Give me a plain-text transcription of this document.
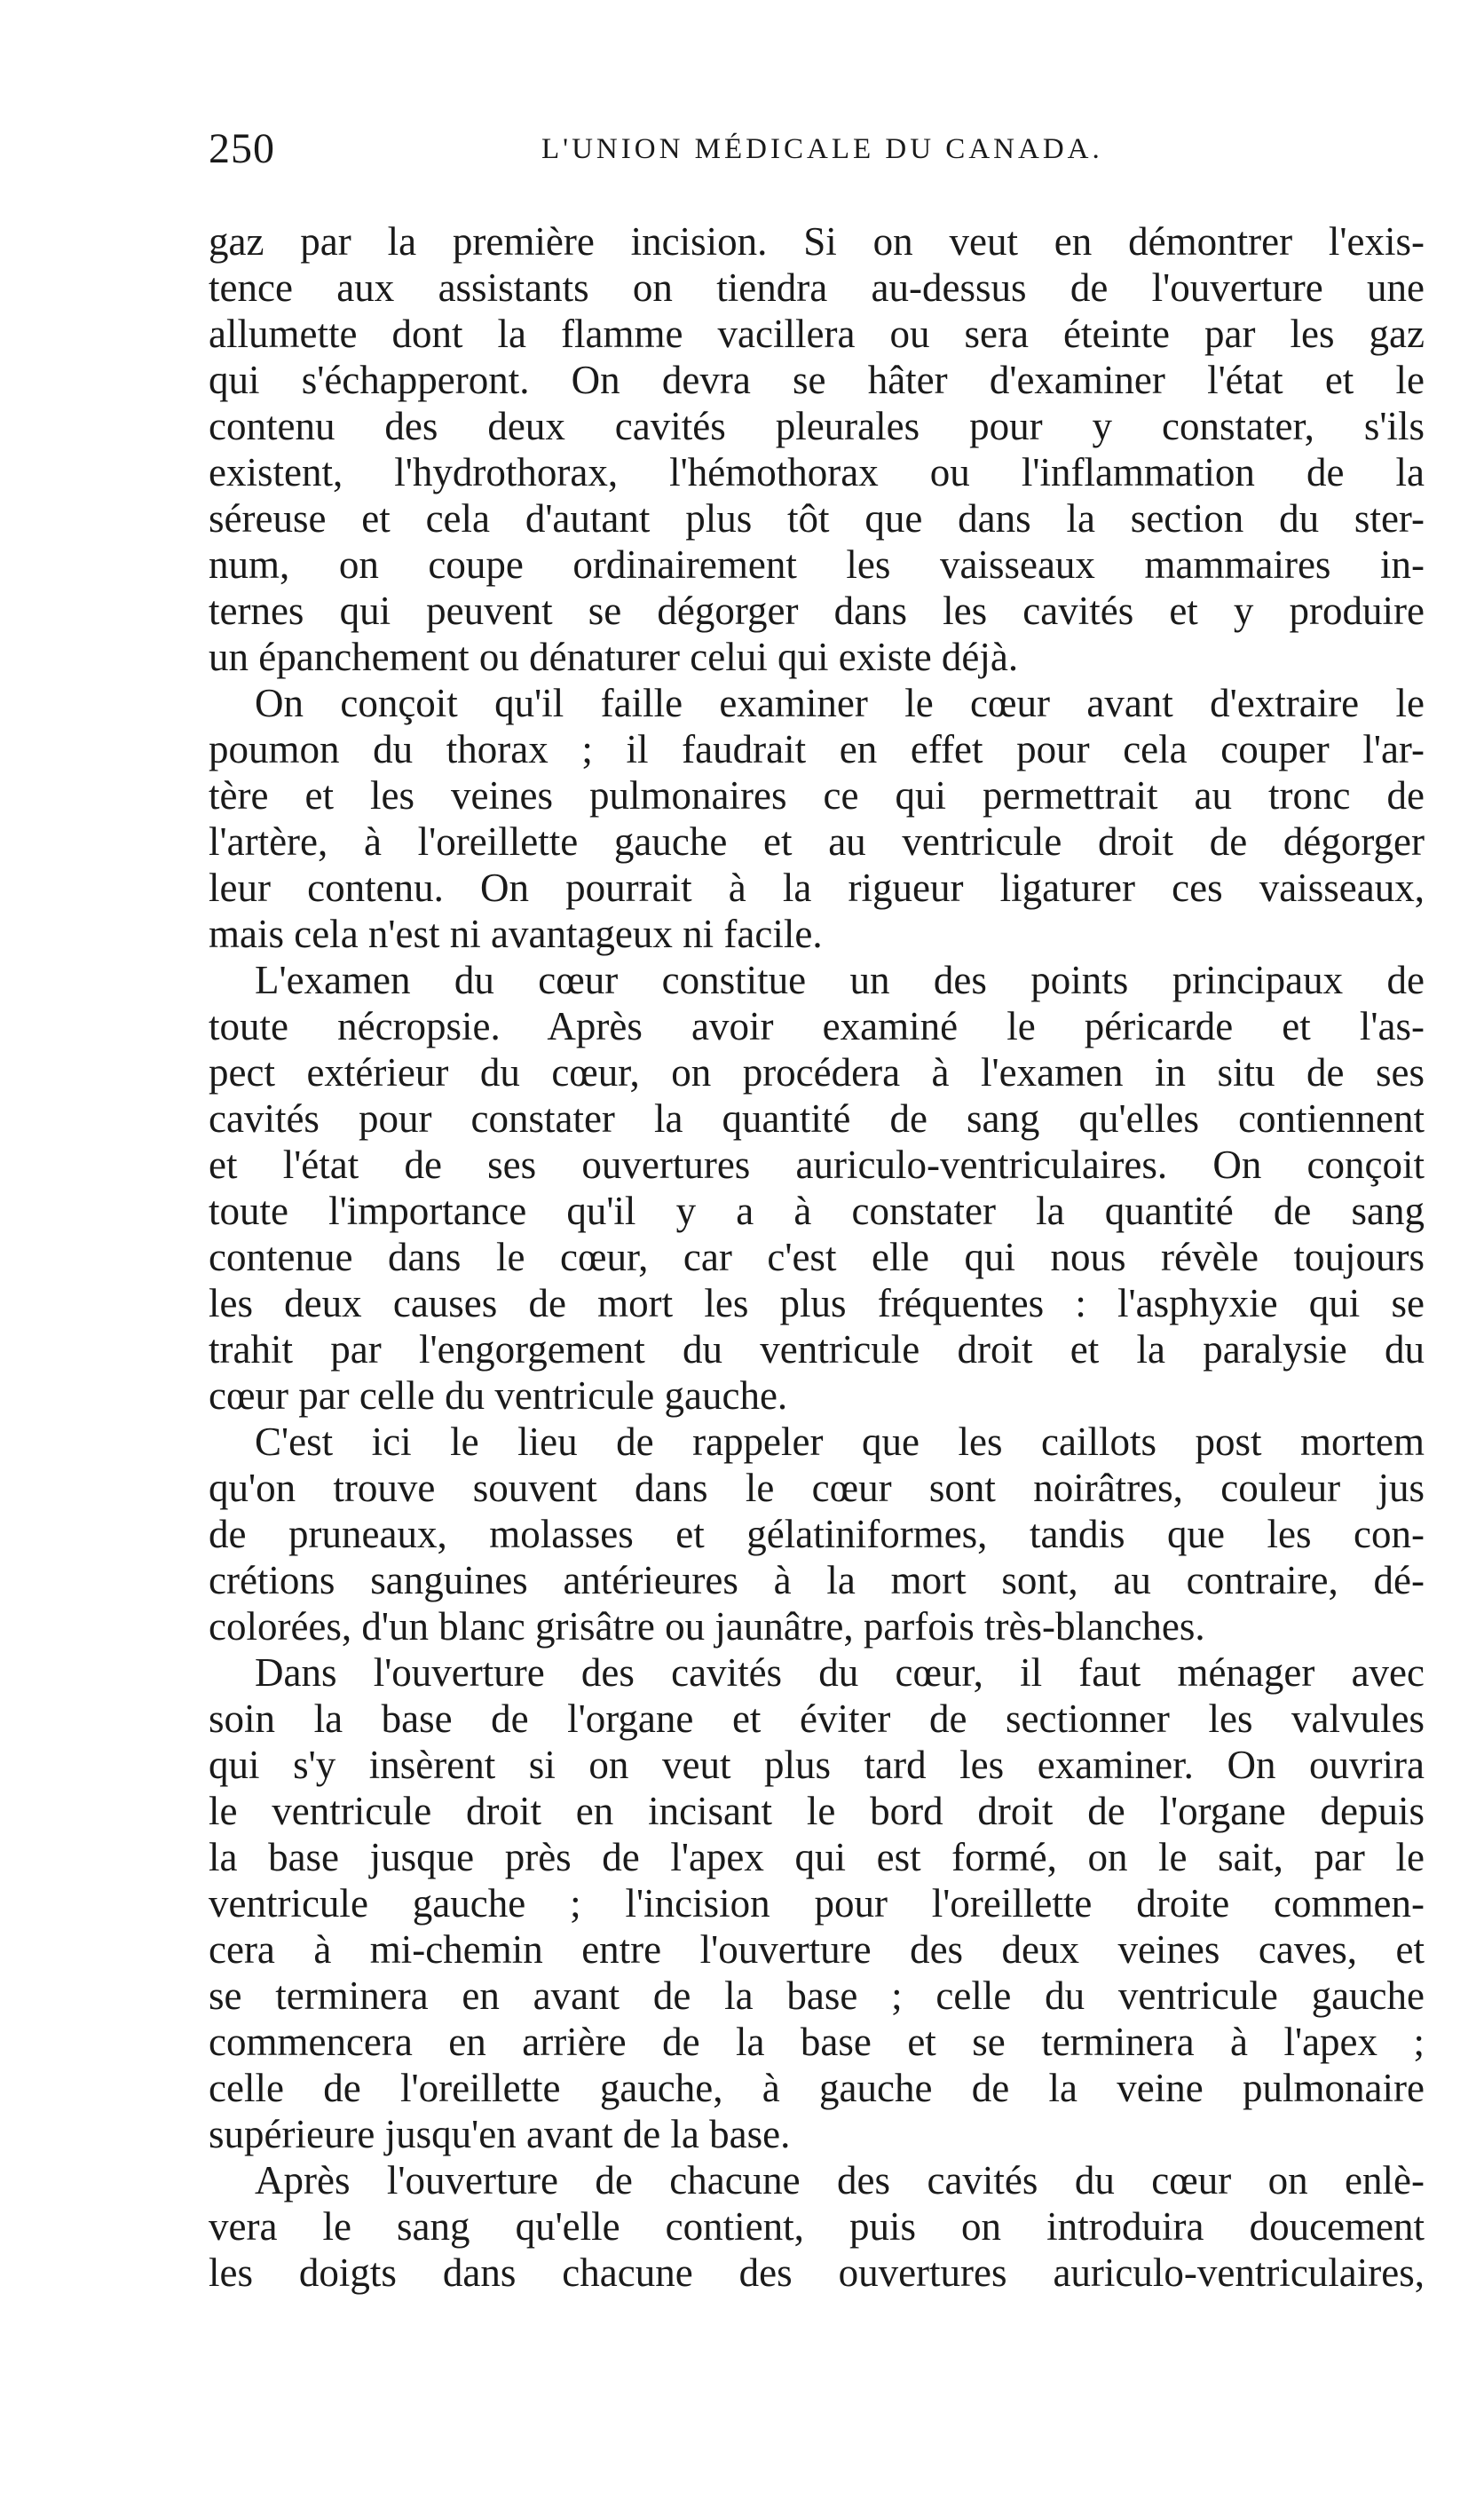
250	L'UNION MÉDICALE DU CANADA.
gaz par la première incision. Si on veut en démontrer l'exis-
tence aux assistants on tiendra au-dessus de l'ouverture une
allumette dont la flamme vacillera ou sera éteinte par les gaz
qui s'échapperont. On devra se hâter d'examiner l'état et le
contenu des deux cavités pleurales pour y constater, s'ils
existent, l'hydrothorax, l'hémothorax ou l'inflammation de la
séreuse et cela d'autant plus tôt que dans la section du ster-
num, on coupe ordinairement les vaisseaux mammaires in-
ternes qui peuvent se dégorger dans les cavités et y produire
un épanchement ou dénaturer celui qui existe déjà.
On conçoit qu'il faille examiner le cœur avant d'extraire le
poumon du thorax ; il faudrait en effet pour cela couper l'ar-
tère et les veines pulmonaires ce qui permettrait au tronc de
l'artère, à l'oreillette gauche et au ventricule droit de dégorger
leur contenu. On pourrait à la rigueur ligaturer ces vaisseaux,
mais cela n'est ni avantageux ni facile.
L'examen du cœur constitue un des points principaux de
toute nécropsie. Après avoir examiné le péricarde et l'as-
pect extérieur du cœur, on procédera à l'examen in situ de ses
cavités pour constater la quantité de sang qu'elles contiennent
et l'état de ses ouvertures auriculo-ventriculaires. On conçoit
toute l'importance qu'il y a à constater la quantité de sang
contenue dans le cœur, car c'est elle qui nous révèle toujours
les deux causes de mort les plus fréquentes : l'asphyxie qui se
trahit par l'engorgement du ventricule droit et la paralysie du
cœur par celle du ventricule gauche.
C'est ici le lieu de rappeler que les caillots post mortem
qu'on trouve souvent dans le cœur sont noirâtres, couleur jus
de pruneaux, molasses et gélatiniformes, tandis que les con-
crétions sanguines antérieures à la mort sont, au contraire, dé-
colorées, d'un blanc grisâtre ou jaunâtre, parfois très-blanches.
Dans l'ouverture des cavités du cœur, il faut ménager avec
soin la base de l'organe et éviter de sectionner les valvules
qui s'y insèrent si on veut plus tard les examiner. On ouvrira
le ventricule droit en incisant le bord droit de l'organe depuis
la base jusque près de l'apex qui est formé, on le sait, par le
ventricule gauche ; l'incision pour l'oreillette droite commen-
cera à mi-chemin entre l'ouverture des deux veines caves, et
se terminera en avant de la base ; celle du ventricule gauche
commencera en arrière de la base et se terminera à l'apex ;
celle de l'oreillette gauche, à gauche de la veine pulmonaire
supérieure jusqu'en avant de la base.
Après l'ouverture de chacune des cavités du cœur on enlè-
vera le sang qu'elle contient, puis on introduira doucement
les doigts dans chacune des ouvertures auriculo-ventriculaires,
